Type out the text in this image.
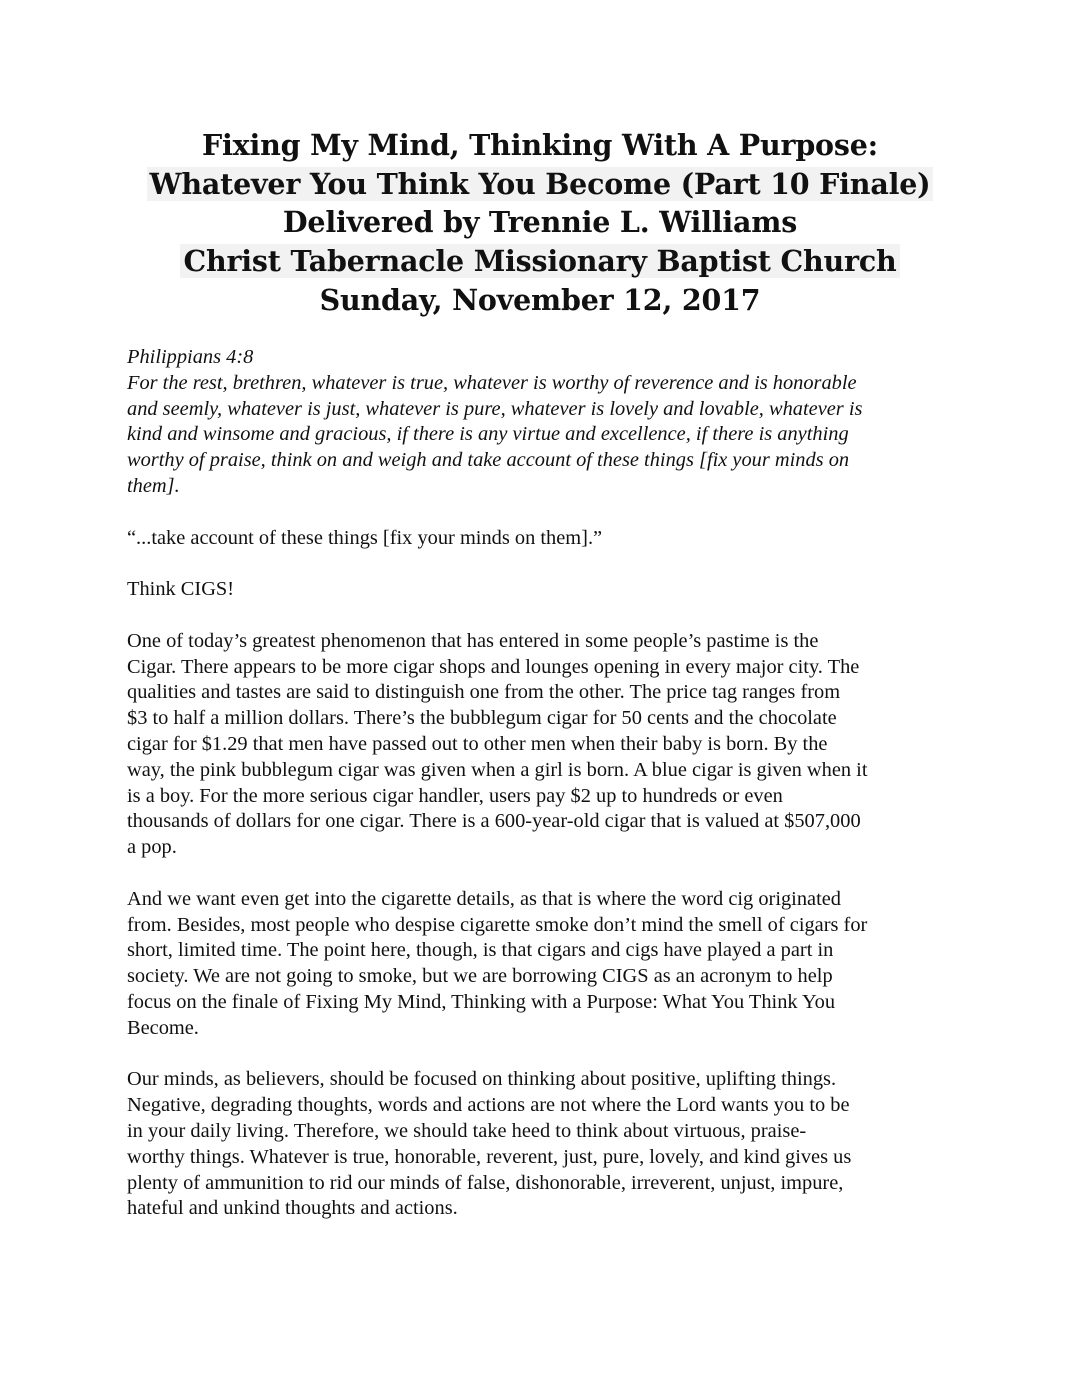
Fixing My Mind, Thinking With A Purpose:
Whatever You Think You Become (Part 10 Finale)
Delivered by Trennie L. Williams
Christ Tabernacle Missionary Baptist Church
Sunday, November 12, 2017

Philippians 4:8

For the rest, brethren, whatever is true, whatever is worthy of reverence and is honorable
and seemly, whatever is just, whatever is pure, whatever is lovely and lovable, whatever is
kind and winsome and gracious, if there is any virtue and excellence, if there is anything
worthy of praise, think on and weigh and take account of these things [fix your minds on
them].

“...take account of these things [fix your minds on them].”

Think CIGS!

One of today’s greatest phenomenon that has entered in some people’s pastime is the
Cigar. There appears to be more cigar shops and lounges opening in every major city. The
qualities and tastes are said to distinguish one from the other. The price tag ranges from
$3 to half a million dollars. There’s the bubblegum cigar for 50 cents and the chocolate
cigar for $1.29 that men have passed out to other men when their baby is born. By the
way, the pink bubblegum cigar was given when a girl is born. A blue cigar is given when it
is a boy. For the more serious cigar handler, users pay $2 up to hundreds or even
thousands of dollars for one cigar. There is a 600-year-old cigar that is valued at $507,000
a pop.
And we want even get into the cigarette details, as that is where the word cig originated
from. Besides, most people who despise cigarette smoke don’t mind the smell of cigars for
short, limited time. The point here, though, is that cigars and cigs have played a part in
society. We are not going to smoke, but we are borrowing CIGS as an acronym to help
focus on the finale of Fixing My Mind, Thinking with a Purpose: What You Think You
Become.
Our minds, as believers, should be focused on thinking about positive, uplifting things.
Negative, degrading thoughts, words and actions are not where the Lord wants you to be
in your daily living. Therefore, we should take heed to think about virtuous, praise-
worthy things. Whatever is true, honorable, reverent, just, pure, lovely, and kind gives us
plenty of ammunition to rid our minds of false, dishonorable, irreverent, unjust, impure,
hateful and unkind thoughts and actions.
